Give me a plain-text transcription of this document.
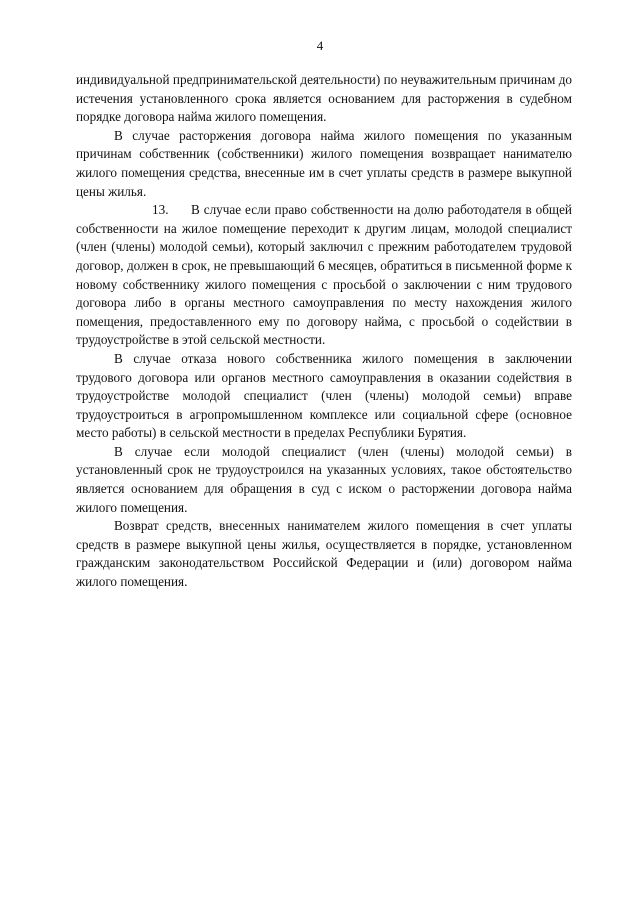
4

индивидуальной предпринимательской деятельности) по неуважительным причинам до истечения установленного срока является основанием для расторжения в судебном порядке договора найма жилого помещения.

В случае расторжения договора найма жилого помещения по указанным причинам собственник (собственники) жилого помещения возвращает нанимателю жилого помещения средства, внесенные им в счет уплаты средств в размере выкупной цены жилья.

13. В случае если право собственности на долю работодателя в общей собственности на жилое помещение переходит к другим лицам, молодой специалист (член (члены) молодой семьи), который заключил с прежним работодателем трудовой договор, должен в срок, не превышающий 6 месяцев, обратиться в письменной форме к новому собственнику жилого помещения с просьбой о заключении с ним трудового договора либо в органы местного самоуправления по месту нахождения жилого помещения, предоставленного ему по договору найма, с просьбой о содействии в трудоустройстве в этой сельской местности.

В случае отказа нового собственника жилого помещения в заключении трудового договора или органов местного самоуправления в оказании содействия в трудоустройстве молодой специалист (член (члены) молодой семьи) вправе трудоустроиться в агропромышленном комплексе или социальной сфере (основное место работы) в сельской местности в пределах Республики Бурятия.

В случае если молодой специалист (член (члены) молодой семьи) в установленный срок не трудоустроился на указанных условиях, такое обстоятельство является основанием для обращения в суд с иском о расторжении договора найма жилого помещения.

Возврат средств, внесенных нанимателем жилого помещения в счет уплаты средств в размере выкупной цены жилья, осуществляется в порядке, установленном гражданским законодательством Российской Федерации и (или) договором найма жилого помещения.
